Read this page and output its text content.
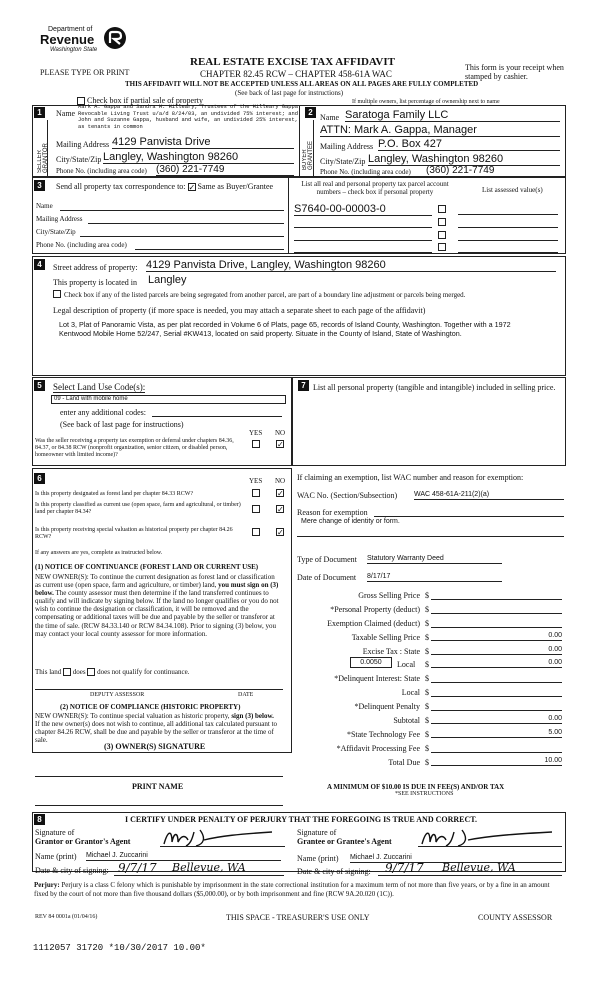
Department of
Revenue
Washington State
PLEASE TYPE OR PRINT
REAL ESTATE EXCISE TAX AFFIDAVIT
CHAPTER 82.45 RCW – CHAPTER 458-61A WAC
THIS AFFIDAVIT WILL NOT BE ACCEPTED UNLESS ALL AREAS ON ALL PAGES ARE FULLY COMPLETED
(See back of last page for instructions)
This form is your receipt when stamped by cashier.
Check box if partial sale of property	If multiple owners, list percentage of ownership next to name
1
SELLER GRANTOR
2
BUYER GRANTEE
Name
Mark A. Gappa and Sandra H. Hilleary, Trustees of the Hilleary Gappa Revocable Living Trust u/a/d 8/24/03, an undivided 75% interest; and John and Suzanne Gappa, husband and wife, an undivided 25% interest, as tenants in common
Mailing Address 4129 Panvista Drive
City/State/Zip Langley, Washington 98260
Phone No. (including area code) (360) 221-7749
Name Saratoga Family LLC
ATTN: Mark A. Gappa, Manager
Mailing Address P.O. Box 427
City/State/Zip Langley, Washington 98260
Phone No. (including area code) (360) 221-7749
3	Send all property tax correspondence to: ✓ Same as Buyer/Grantee	List all real and personal property tax parcel account numbers – check box if personal property	List assessed value(s)
Name
Mailing Address
City/State/Zip
Phone No. (including area code)
S7640-00-00003-0
4	Street address of property: 4129 Panvista Drive, Langley, Washington 98260
This property is located in Langley
Check box if any of the listed parcels are being segregated from another parcel, are part of a boundary line adjustment or parcels being merged.
Legal description of property (if more space is needed, you may attach a separate sheet to each page of the affidavit)
Lot 3, Plat of Panoramic Vista, as per plat recorded in Volume 6 of Plats, page 65, records of Island County, Washington. Together with a 1972 Kentwood Mobile Home 52/247, Serial #KW413, located on said property. Situate in the County of Island, State of Washington.
5	Select Land Use Code(s):
09 - Land with mobile home
enter any additional codes:
(See back of last page for instructions)
YES NO
Was the seller receiving a property tax exemption or deferral under chapters 84.36, 84.37, or 84.38 RCW (nonprofit organization, senior citizen, or disabled person, homeowner with limited income)?
✓
7 List all personal property (tangible and intangible) included in selling price.
6	YES NO
Is this property designated as forest land per chapter 84.33 RCW?	✓
Is this property classified as current use (open space, farm and agricultural, or timber) land per chapter 84.34?	✓
Is this property receiving special valuation as historical property per chapter 84.26 RCW?	✓
If any answers are yes, complete as instructed below.
(1) NOTICE OF CONTINUANCE (FOREST LAND OR CURRENT USE)
NEW OWNER(S): To continue the current designation as forest land or classification as current use (open space, farm and agriculture, or timber) land, you must sign on (3) below. The county assessor must then determine if the land transferred continues to qualify and will indicate by signing below. If the land no longer qualifies or you do not wish to continue the designation or classification, it will be removed and the compensating or additional taxes will be due and payable by the seller or transferor at the time of sale. (RCW 84.33.140 or RCW 84.34.108). Prior to signing (3) below, you may contact your local county assessor for more information.
This land does does not qualify for continuance.
DEPUTY ASSESSOR	DATE
(2) NOTICE OF COMPLIANCE (HISTORIC PROPERTY)
NEW OWNER(S): To continue special valuation as historic property, sign (3) below. If the new owner(s) does not wish to continue, all additional tax calculated pursuant to chapter 84.26 RCW, shall be due and payable by the seller or transferor at the time of sale.
(3) OWNER(S) SIGNATURE
PRINT NAME
If claiming an exemption, list WAC number and reason for exemption:
WAC No. (Section/Subsection) WAC 458-61A-211(2)(a)
Reason for exemption
Mere change of identity or form.
Type of Document Statutory Warranty Deed
Date of Document 8/17/17
Gross Selling Price $
*Personal Property (deduct) $
Exemption Claimed (deduct) $
Taxable Selling Price $	0.00
Excise Tax : State $	0.00
0.0050	Local $	0.00
*Delinquent Interest: State $
Local $
*Delinquent Penalty $
Subtotal $	0.00
*State Technology Fee $	5.00
*Affidavit Processing Fee $
Total Due $	10.00
A MINIMUM OF $10.00 IS DUE IN FEE(S) AND/OR TAX
*SEE INSTRUCTIONS
8	I CERTIFY UNDER PENALTY OF PERJURY THAT THE FOREGOING IS TRUE AND CORRECT.
Signature of
Grantor or Grantor's Agent
Name (print) Michael J. Zuccarini
Date & city of signing: 9/7/17 Bellevue, WA
Signature of
Grantee or Grantee's Agent
Name (print) Michael J. Zuccarini
Date & city of signing: 9/7/17 Bellevue, WA
Perjury: Perjury is a class C felony which is punishable by imprisonment in the state correctional institution for a maximum term of not more than five years, or by a fine in an amount fixed by the court of not more than five thousand dollars ($5,000.00), or by both imprisonment and fine (RCW 9A.20.020 (1C)).
REV 84 0001a (01/04/16)	THIS SPACE - TREASURER'S USE ONLY	COUNTY ASSESSOR
1112057 31720 *10/30/2017 10.00*
